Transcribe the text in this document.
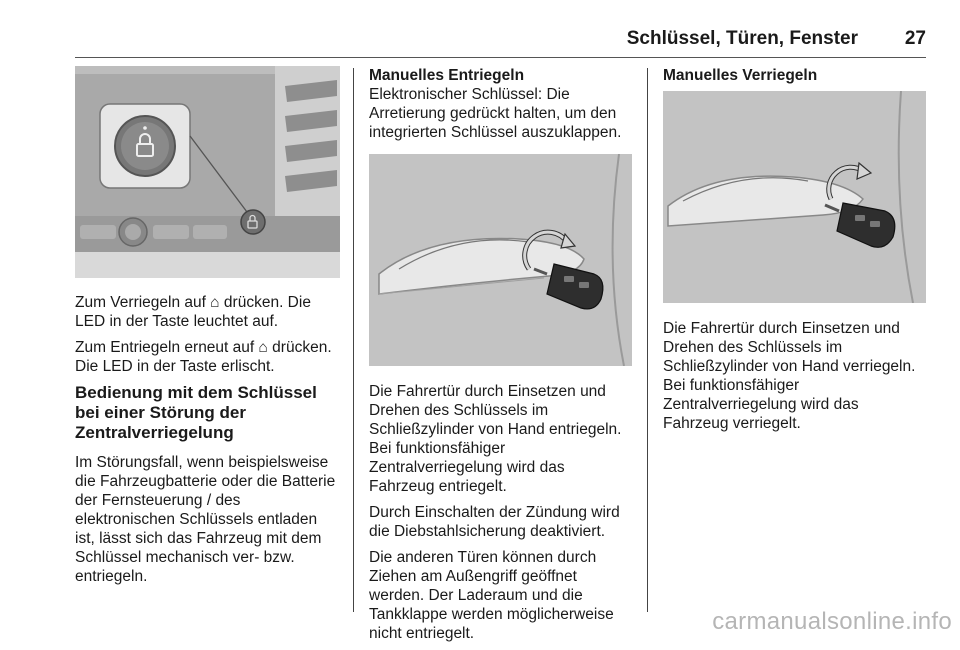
Schlüssel, Türen, Fenster 27

Zum Verriegeln auf ⌂ drücken. Die LED in der Taste leuchtet auf.

Zum Entriegeln erneut auf ⌂ drücken. Die LED in der Taste erlischt.

Bedienung mit dem Schlüssel bei einer Störung der Zentralverriegelung

Im Störungsfall, wenn beispielsweise die Fahrzeugbatterie oder die Batterie der Fernsteuerung / des elektronischen Schlüssels entladen ist, lässt sich das Fahrzeug mit dem Schlüssel mechanisch ver- bzw. entriegeln.

Manuelles Entriegeln

Elektronischer Schlüssel: Die Arretierung gedrückt halten, um den integrierten Schlüssel auszuklappen.

Die Fahrertür durch Einsetzen und Drehen des Schlüssels im Schließzylinder von Hand entriegeln. Bei funktionsfähiger Zentralverriegelung wird das Fahrzeug entriegelt.

Durch Einschalten der Zündung wird die Diebstahlsicherung deaktiviert.

Die anderen Türen können durch Ziehen am Außengriff geöffnet werden. Der Laderaum und die Tankklappe werden möglicherweise nicht entriegelt.

Manuelles Verriegeln

Die Fahrertür durch Einsetzen und Drehen des Schlüssels im Schließzylinder von Hand verriegeln. Bei funktionsfähiger Zentralverriegelung wird das Fahrzeug verriegelt.

carmanualsonline.info
